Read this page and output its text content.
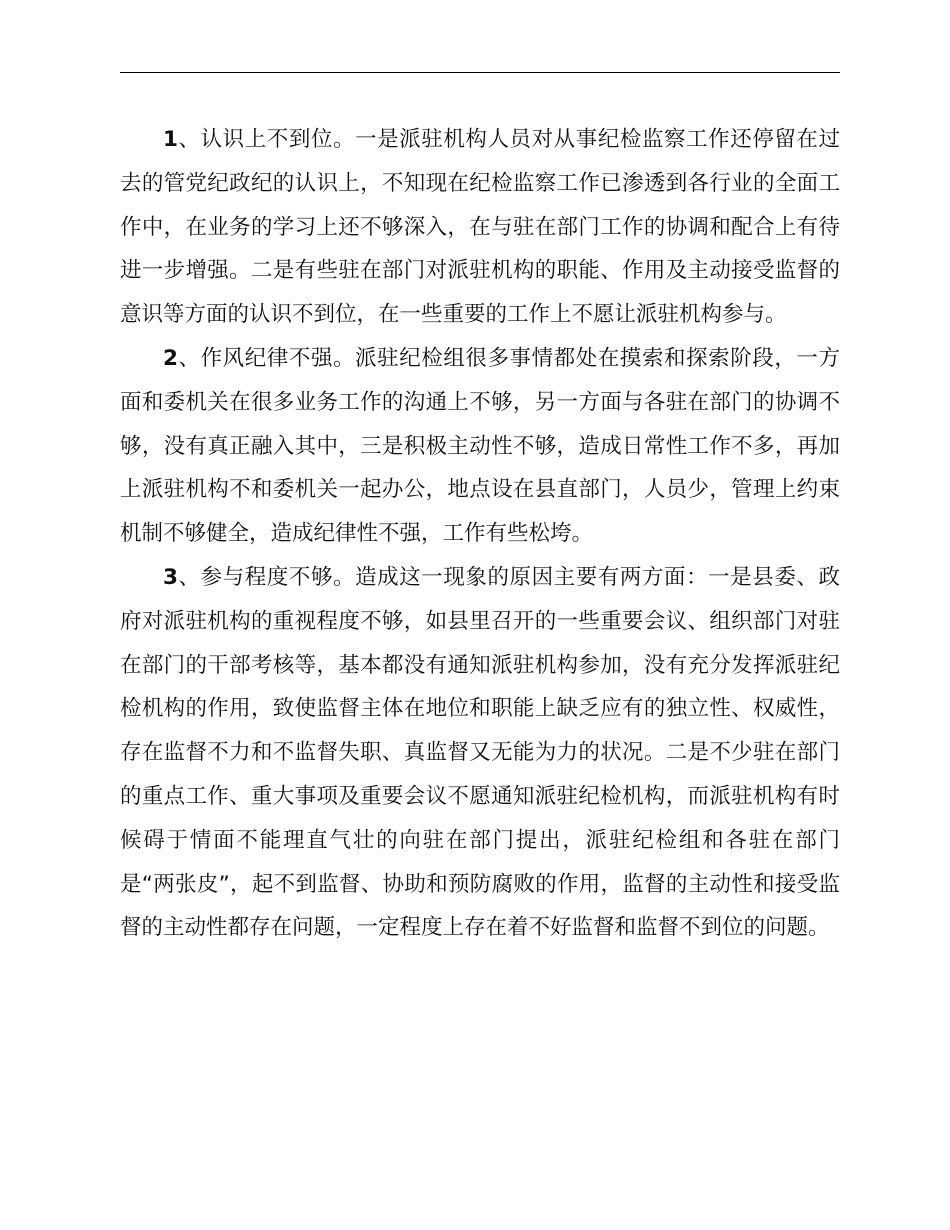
1、认识上不到位。一是派驻机构人员对从事纪检监察工作还停留在过去的管党纪政纪的认识上，不知现在纪检监察工作已渗透到各行业的全面工作中，在业务的学习上还不够深入，在与驻在部门工作的协调和配合上有待进一步增强。二是有些驻在部门对派驻机构的职能、作用及主动接受监督的意识等方面的认识不到位，在一些重要的工作上不愿让派驻机构参与。

2、作风纪律不强。派驻纪检组很多事情都处在摸索和探索阶段，一方面和委机关在很多业务工作的沟通上不够，另一方面与各驻在部门的协调不够，没有真正融入其中，三是积极主动性不够，造成日常性工作不多，再加上派驻机构不和委机关一起办公，地点设在县直部门，人员少，管理上约束机制不够健全，造成纪律性不强，工作有些松垮。

3、参与程度不够。造成这一现象的原因主要有两方面：一是县委、政府对派驻机构的重视程度不够，如县里召开的一些重要会议、组织部门对驻在部门的干部考核等，基本都没有通知派驻机构参加，没有充分发挥派驻纪检机构的作用，致使监督主体在地位和职能上缺乏应有的独立性、权威性，存在监督不力和不监督失职、真监督又无能为力的状况。二是不少驻在部门的重点工作、重大事项及重要会议不愿通知派驻纪检机构，而派驻机构有时候碍于情面不能理直气壮的向驻在部门提出，派驻纪检组和各驻在部门是“两张皮”，起不到监督、协助和预防腐败的作用，监督的主动性和接受监督的主动性都存在问题，一定程度上存在着不好监督和监督不到位的问题。
